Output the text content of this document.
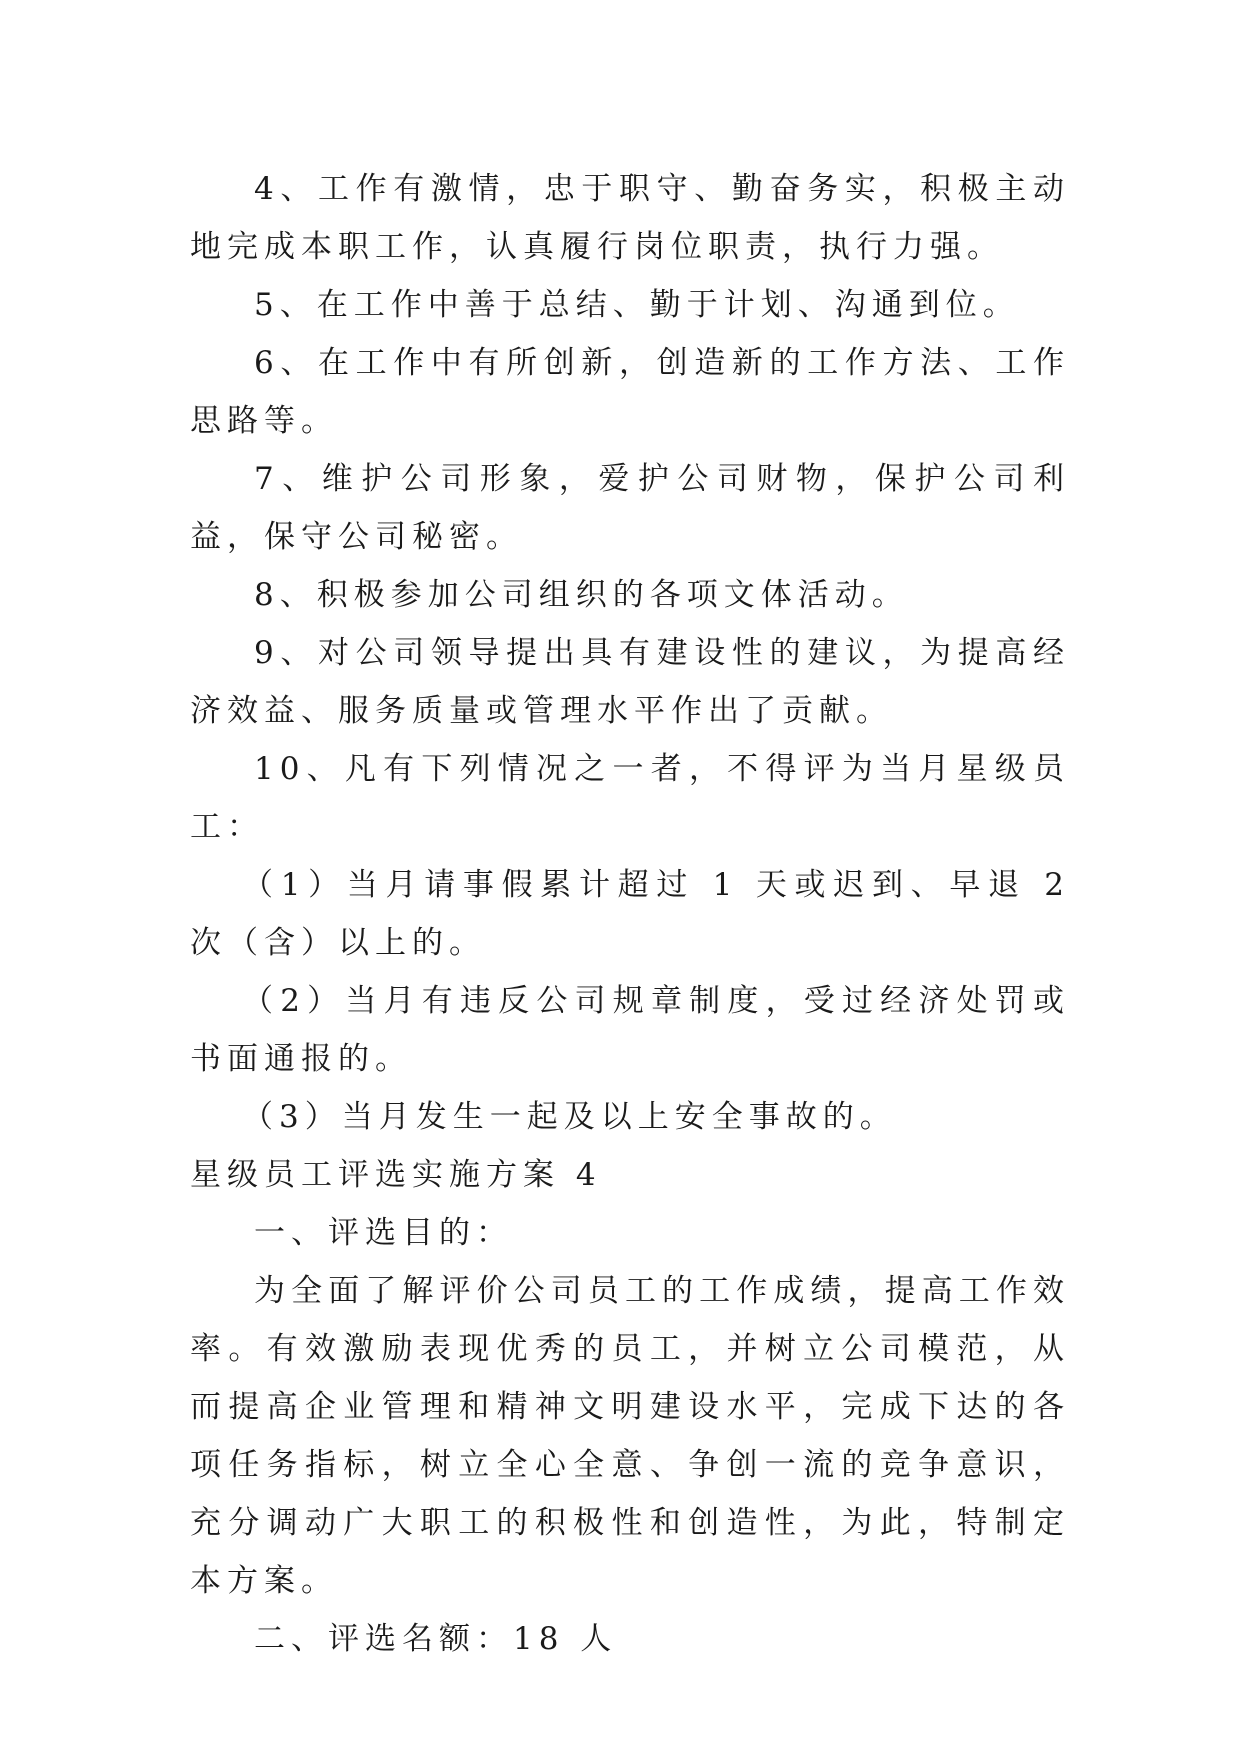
4、工作有激情，忠于职守、勤奋务实，积极主动地完成本职工作，认真履行岗位职责，执行力强。

5、在工作中善于总结、勤于计划、沟通到位。

6、在工作中有所创新，创造新的工作方法、工作思路等。

7、维护公司形象，爱护公司财物，保护公司利益，保守公司秘密。

8、积极参加公司组织的各项文体活动。

9、对公司领导提出具有建设性的建议，为提高经济效益、服务质量或管理水平作出了贡献。

10、凡有下列情况之一者，不得评为当月星级员工：

（1）当月请事假累计超过 1 天或迟到、早退 2 次（含）以上的。

（2）当月有违反公司规章制度，受过经济处罚或书面通报的。

（3）当月发生一起及以上安全事故的。

星级员工评选实施方案 4

一、评选目的：

为全面了解评价公司员工的工作成绩，提高工作效率。有效激励表现优秀的员工，并树立公司模范，从而提高企业管理和精神文明建设水平，完成下达的各项任务指标，树立全心全意、争创一流的竞争意识，充分调动广大职工的积极性和创造性，为此，特制定本方案。

二、评选名额：18 人
